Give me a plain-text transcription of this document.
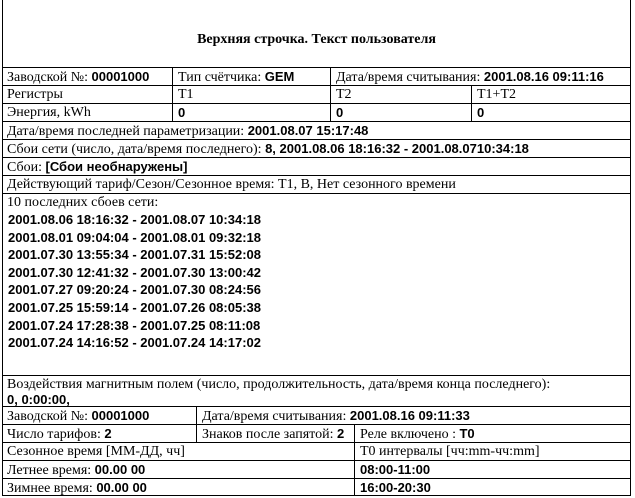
Верхняя строчка. Текст пользователя
Заводской №: 00001000	Тип счётчика: GEM	Дата/время считывания: 2001.08.16 09:11:16
Регистры	T1	T2	T1+T2
Энергия, kWh	0	0	0
Дата/время последней параметризации: 2001.08.07 15:17:48
Сбои сети (число, дата/время последнего): 8, 2001.08.06 18:16:32 - 2001.08.0710:34:18
Сбои: [Сбои необнаружены]
Действующий тариф/Сезон/Сезонное время: T1, B, Нет сезонного времени
10 последних сбоев сети:
2001.08.06 18:16:32 - 2001.08.07 10:34:18
2001.08.01 09:04:04 - 2001.08.01 09:32:18
2001.07.30 13:55:34 - 2001.07.31 15:52:08
2001.07.30 12:41:32 - 2001.07.30 13:00:42
2001.07.27 09:20:24 - 2001.07.30 08:24:56
2001.07.25 15:59:14 - 2001.07.26 08:05:38
2001.07.24 17:28:38 - 2001.07.25 08:11:08
2001.07.24 14:16:52 - 2001.07.24 14:17:02
Воздействия магнитным полем (число, продолжительность, дата/время конца последнего):
0, 0:00:00,
Заводской №: 00001000	Дата/время считывания: 2001.08.16 09:11:33
Число тарифов: 2	Знаков после запятой: 2	Реле включено : T0
Сезонное время [ММ-ДД, чч]	T0 интервалы [чч:mm-чч:mm]
Летнее время: 00.00 00	08:00-11:00
Зимнее время: 00.00 00	16:00-20:30
